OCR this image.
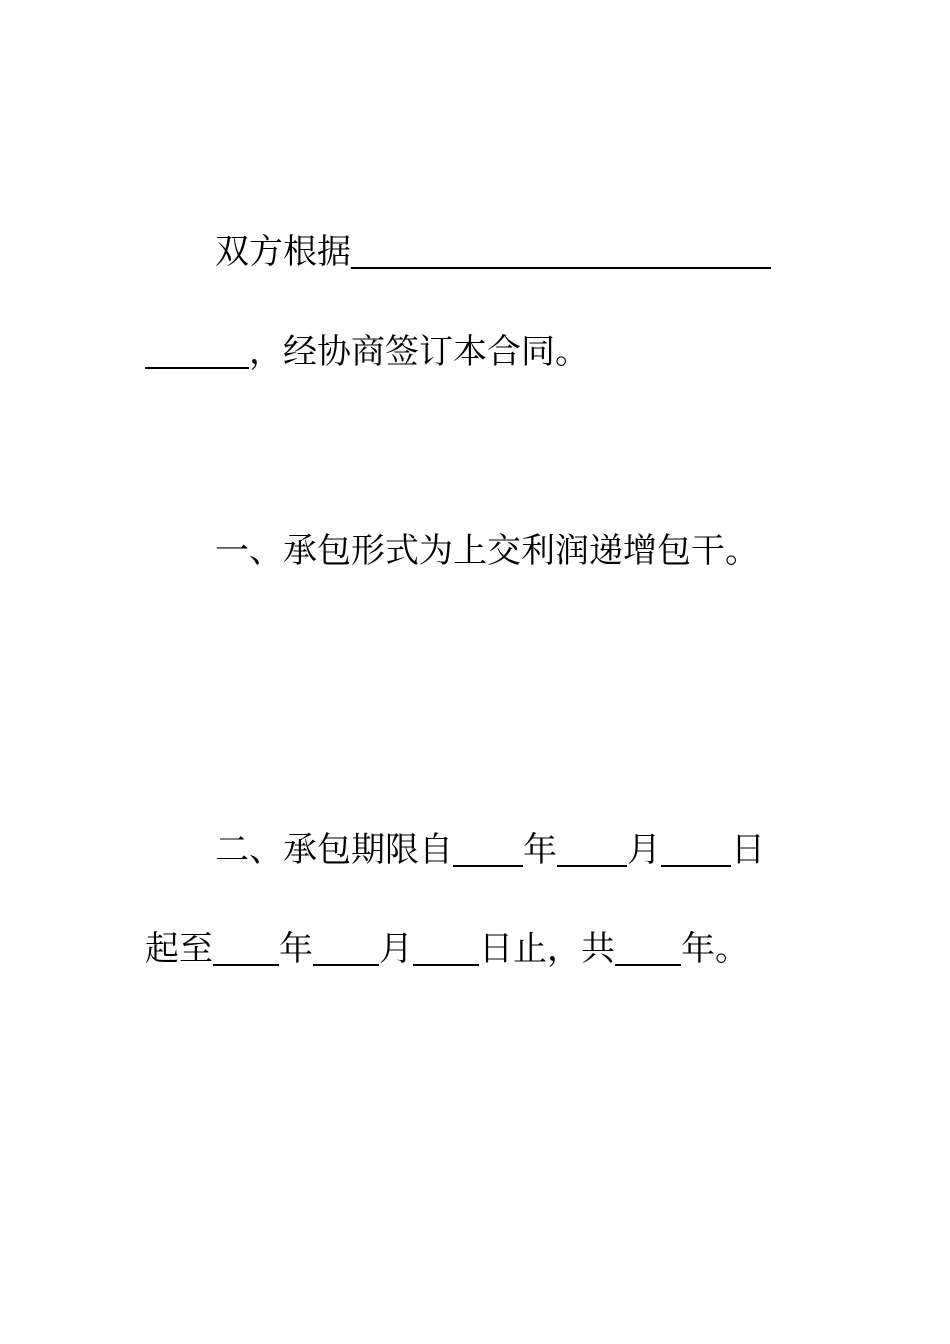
双方根据
，经协商签订本合同。
一、承包形式为上交利润递增包干。
二、承包期限自 年 月 日
起至 年 月 日止，共 年。
